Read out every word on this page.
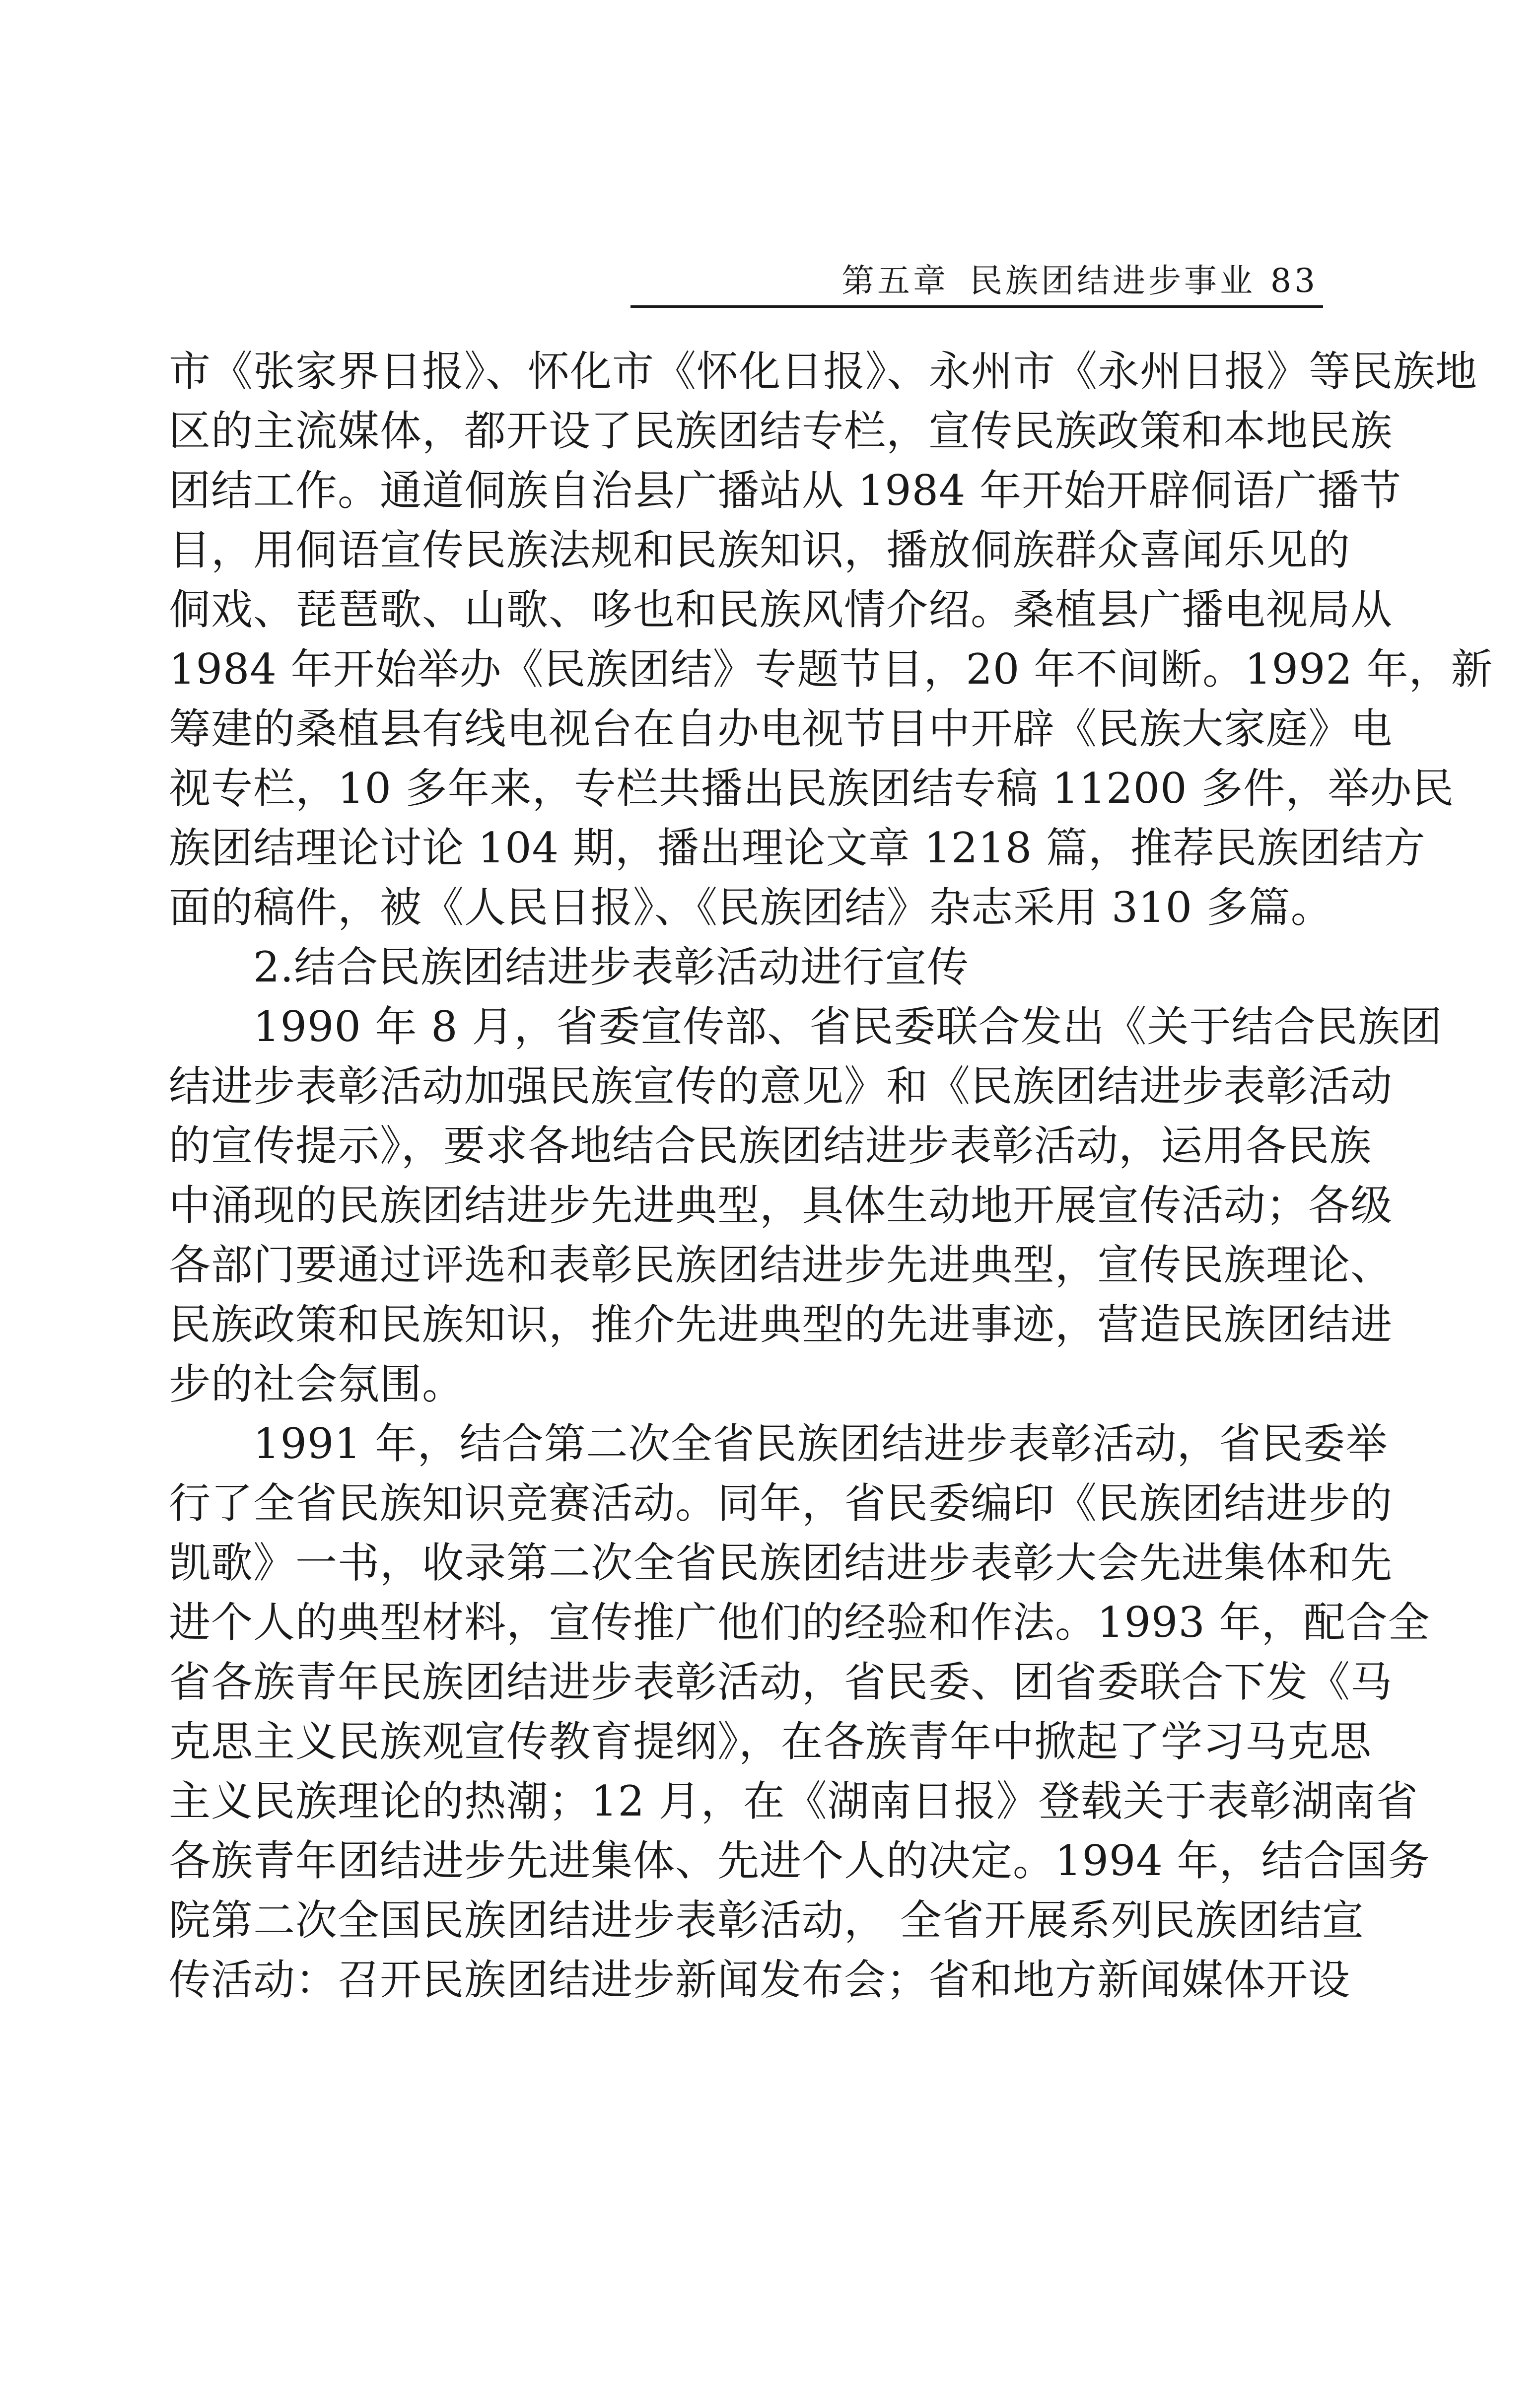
第五章 民族团结进步事业 83
市《张家界日报》、怀化市《怀化日报》、永州市《永州日报》等民族地
区的主流媒体，都开设了民族团结专栏，宣传民族政策和本地民族
团结工作。通道侗族自治县广播站从 1984 年开始开辟侗语广播节
目，用侗语宣传民族法规和民族知识，播放侗族群众喜闻乐见的
侗戏、琵琶歌、山歌、哆也和民族风情介绍。桑植县广播电视局从
1984 年开始举办《民族团结》专题节目，20 年不间断。1992 年，新
筹建的桑植县有线电视台在自办电视节目中开辟《民族大家庭》电
视专栏，10 多年来，专栏共播出民族团结专稿 11200 多件，举办民
族团结理论讨论 104 期，播出理论文章 1218 篇，推荐民族团结方
面的稿件，被《人民日报》、《民族团结》杂志采用 310 多篇。
2.结合民族团结进步表彰活动进行宣传
1990 年 8 月，省委宣传部、省民委联合发出《关于结合民族团
结进步表彰活动加强民族宣传的意见》和《民族团结进步表彰活动
的宣传提示》，要求各地结合民族团结进步表彰活动，运用各民族
中涌现的民族团结进步先进典型，具体生动地开展宣传活动；各级
各部门要通过评选和表彰民族团结进步先进典型，宣传民族理论、
民族政策和民族知识，推介先进典型的先进事迹，营造民族团结进
步的社会氛围。
1991 年，结合第二次全省民族团结进步表彰活动，省民委举
行了全省民族知识竞赛活动。同年，省民委编印《民族团结进步的
凯歌》一书，收录第二次全省民族团结进步表彰大会先进集体和先
进个人的典型材料，宣传推广他们的经验和作法。1993 年，配合全
省各族青年民族团结进步表彰活动，省民委、团省委联合下发《马
克思主义民族观宣传教育提纲》，在各族青年中掀起了学习马克思
主义民族理论的热潮；12 月，在《湖南日报》登载关于表彰湖南省
各族青年团结进步先进集体、先进个人的决定。1994 年，结合国务
院第二次全国民族团结进步表彰活动， 全省开展系列民族团结宣
传活动：召开民族团结进步新闻发布会；省和地方新闻媒体开设
